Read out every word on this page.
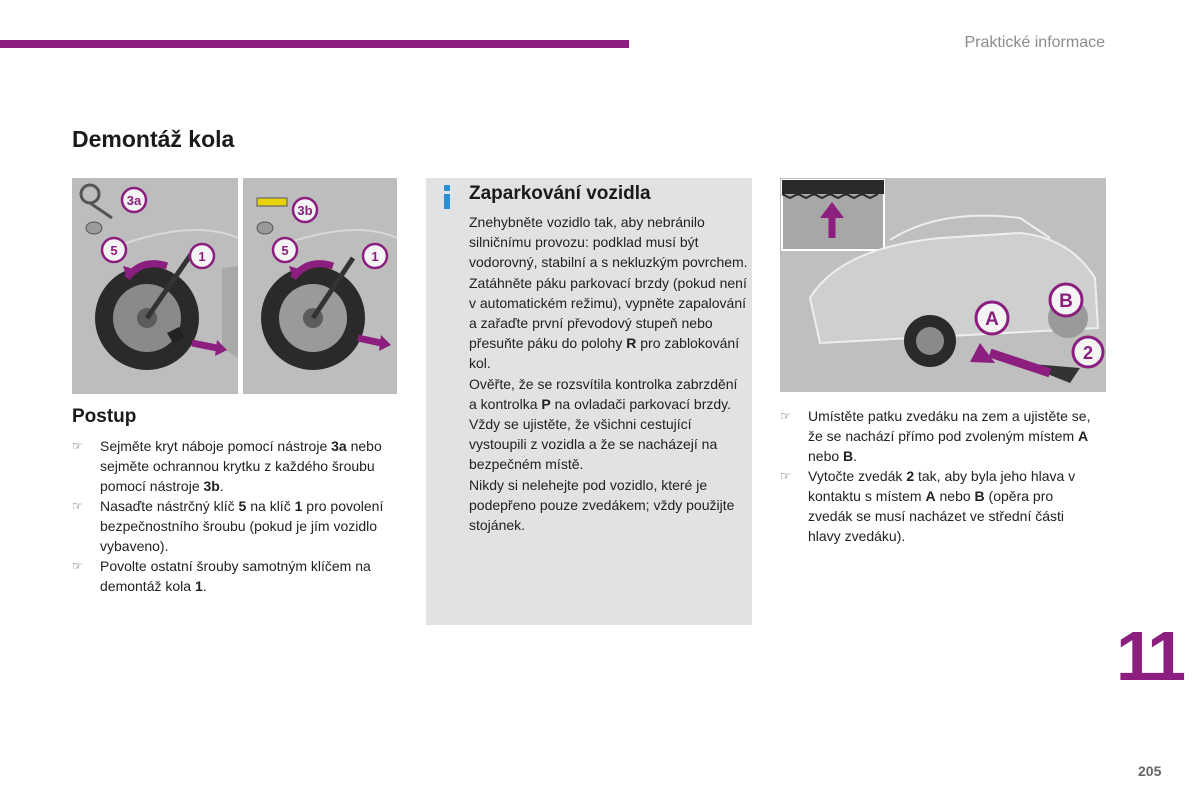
Praktické informace
Demontáž kola
3a
5	1
3b
5	1
A
B
2
Postup
☞ Sejměte kryt náboje pomocí nástroje 3a nebo sejměte ochrannou krytku z každého šroubu pomocí nástroje 3b.
☞ Nasaďte nástrčný klíč 5 na klíč 1 pro povolení bezpečnostního šroubu (pokud je jím vozidlo vybaveno).
☞ Povolte ostatní šrouby samotným klíčem na demontáž kola 1.
Zaparkování vozidla

Znehybněte vozidlo tak, aby nebránilo silničnímu provozu: podklad musí být vodorovný, stabilní a s nekluzkým povrchem.

Zatáhněte páku parkovací brzdy (pokud není v automatickém režimu), vypněte zapalování a zařaďte první převodový stupeň nebo přesuňte páku do polohy R pro zablokování kol.

Ověřte, že se rozsvítila kontrolka zabrzdění a kontrolka P na ovladači parkovací brzdy.

Vždy se ujistěte, že všichni cestující vystoupili z vozidla a že se nacházejí na bezpečném místě.

Nikdy si nelehejte pod vozidlo, které je podepřeno pouze zvedákem; vždy použijte stojánek.

☞ Umístěte patku zvedáku na zem a ujistěte se, že se nachází přímo pod zvoleným místem A nebo B.
☞ Vytočte zvedák 2 tak, aby byla jeho hlava v kontaktu s místem A nebo B (opěra pro zvedák se musí nacházet ve střední části hlavy zvedáku).
11
205
